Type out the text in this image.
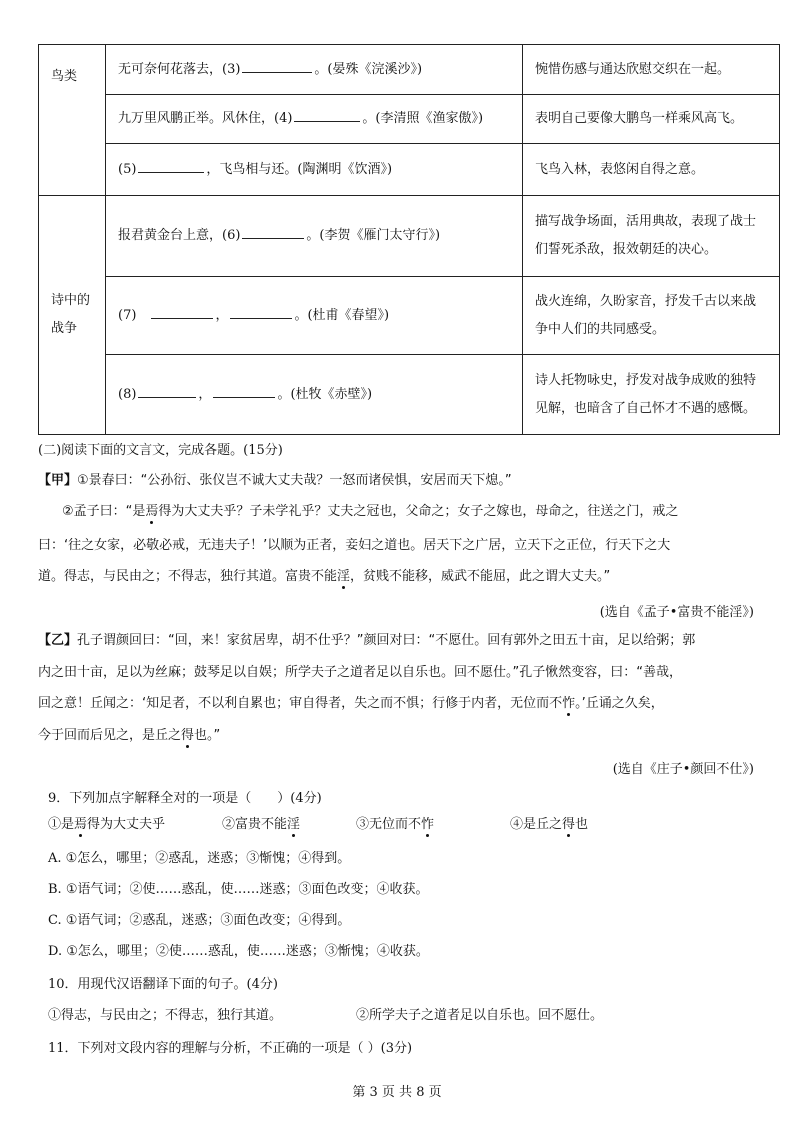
鸟类	无可奈何花落去，(3) 。(晏殊《浣溪沙》)	惋惜伤感与通达欣慰交织在一起。
	九万里风鹏正举。风休住，(4) 。(李清照《渔家傲》)	表明自己要像大鹏鸟一样乘风高飞。
	(5) ，飞鸟相与还。(陶渊明《饮酒》)	飞鸟入林，表悠闲自得之意。
诗中的战争	报君黄金台上意，(6) 。(李贺《雁门太守行》)	描写战争场面，活用典故，表现了战士们誓死杀敌，报效朝廷的决心。
	(7)　 ， 。(杜甫《春望》)	战火连绵，久盼家音，抒发千古以来战争中人们的共同感受。
	(8) ， 。(杜牧《赤壁》)	诗人托物咏史，抒发对战争成败的独特见解，也暗含了自己怀才不遇的感慨。
(二)阅读下面的文言文，完成各题。(15分)
【甲】①景春曰：“公孙衍、张仪岂不诚大丈夫哉？一怒而诸侯惧，安居而天下熄。”
②孟子曰：“是焉得为大丈夫乎？子未学礼乎？丈夫之冠也，父命之；女子之嫁也，母命之，往送之门，戒之
曰：‘往之女家，必敬必戒，无违夫子！’以顺为正者，妾妇之道也。居天下之广居，立天下之正位，行天下之大
道。得志，与民由之；不得志，独行其道。富贵不能淫，贫贱不能移，威武不能屈，此之谓大丈夫。”
(选自《孟子•富贵不能淫》)
【乙】孔子谓颜回曰：“回，来！家贫居卑，胡不仕乎？”颜回对曰：“不愿仕。回有郭外之田五十亩，足以给粥；郭
内之田十亩，足以为丝麻；鼓琴足以自娱；所学夫子之道者足以自乐也。回不愿仕。”孔子愀然变容，曰：“善哉，
回之意！丘闻之：‘知足者，不以利自累也；审自得者，失之而不惧；行修于内者，无位而不怍。’丘诵之久矣，
今于回而后见之，是丘之得也。”
(选自《庄子•颜回不仕》)
9．下列加点字解释全对的一项是（　　）(4分)
①是焉得为大丈夫乎	②富贵不能淫	③无位而不怍	④是丘之得也
A. ①怎么，哪里；②惑乱，迷惑；③惭愧；④得到。
B. ①语气词；②使……惑乱，使……迷惑；③面色改变；④收获。
C. ①语气词；②惑乱，迷惑；③面色改变；④得到。
D. ①怎么，哪里；②使……惑乱，使……迷惑；③惭愧；④收获。
10．用现代汉语翻译下面的句子。(4分)
①得志，与民由之；不得志，独行其道。	②所学夫子之道者足以自乐也。回不愿仕。
11．下列对文段内容的理解与分析，不正确的一项是（ ）(3分)
第 3 页 共 8 页
